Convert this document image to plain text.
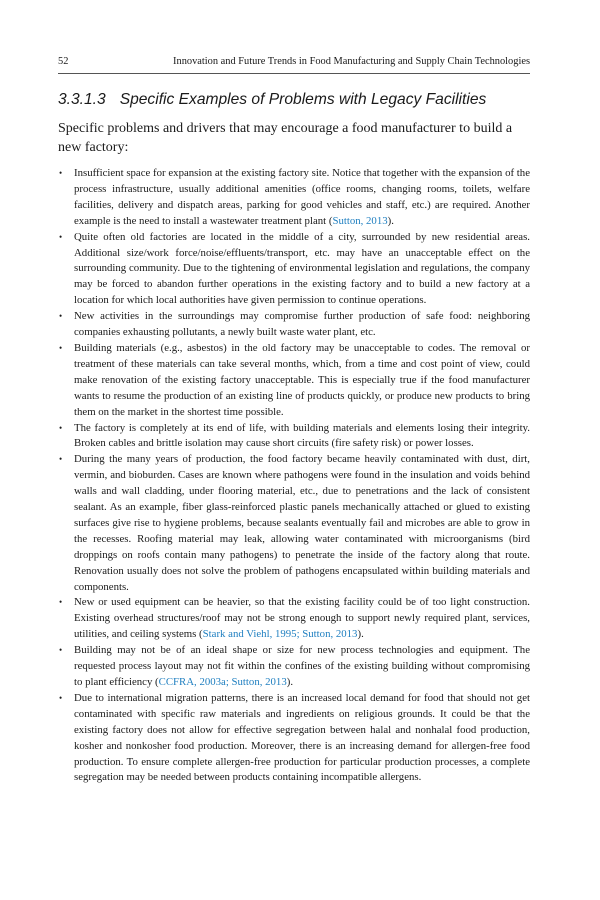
52	Innovation and Future Trends in Food Manufacturing and Supply Chain Technologies
3.3.1.3 Specific Examples of Problems with Legacy Facilities

Specific problems and drivers that may encourage a food manufacturer to build a new factory:

• Insufficient space for expansion at the existing factory site. Notice that together with the expansion of the process infrastructure, usually additional amenities (office rooms, changing rooms, toilets, welfare facilities, delivery and dispatch areas, parking for good vehicles and staff, etc.) are required. Another example is the need to install a wastewater treatment plant (Sutton, 2013).
• Quite often old factories are located in the middle of a city, surrounded by new residential areas. Additional size/work force/noise/effluents/transport, etc. may have an unacceptable effect on the surrounding community. Due to the tightening of environmental legislation and regulations, the company may be forced to abandon further operations in the existing factory and to build a new factory at a location for which local authorities have given permission to continue operations.
• New activities in the surroundings may compromise further production of safe food: neighboring companies exhausting pollutants, a newly built waste water plant, etc.
• Building materials (e.g., asbestos) in the old factory may be unacceptable to codes. The removal or treatment of these materials can take several months, which, from a time and cost point of view, could make renovation of the existing factory unacceptable. This is especially true if the food manufacturer wants to resume the production of an existing line of products quickly, or produce new products to bring them on the market in the shortest time possible.
• The factory is completely at its end of life, with building materials and elements losing their integrity. Broken cables and brittle isolation may cause short circuits (fire safety risk) or power losses.
• During the many years of production, the food factory became heavily contaminated with dust, dirt, vermin, and bioburden. Cases are known where pathogens were found in the insulation and voids behind walls and wall cladding, under flooring material, etc., due to penetrations and the lack of consistent sealant. As an example, fiber glass-reinforced plastic panels mechanically attached or glued to existing surfaces give rise to hygiene problems, because sealants eventually fail and microbes are able to grow in the recesses. Roofing material may leak, allowing water contaminated with microorganisms (bird droppings on roofs contain many pathogens) to penetrate the inside of the factory along that route. Renovation usually does not solve the problem of pathogens encapsulated within building materials and components.
• New or used equipment can be heavier, so that the existing facility could be of too light construction. Existing overhead structures/roof may not be strong enough to support newly required plant, services, utilities, and ceiling systems (Stark and Viehl, 1995; Sutton, 2013).
• Building may not be of an ideal shape or size for new process technologies and equipment. The requested process layout may not fit within the confines of the existing building without compromising to plant efficiency (CCFRA, 2003a; Sutton, 2013).
• Due to international migration patterns, there is an increased local demand for food that should not get contaminated with specific raw materials and ingredients on religious grounds. It could be that the existing factory does not allow for effective segregation between halal and nonhalal food production, kosher and nonkosher food production. Moreover, there is an increasing demand for allergen-free food production. To ensure complete allergen-free production for particular production processes, a complete segregation may be needed between products containing incompatible allergens.
